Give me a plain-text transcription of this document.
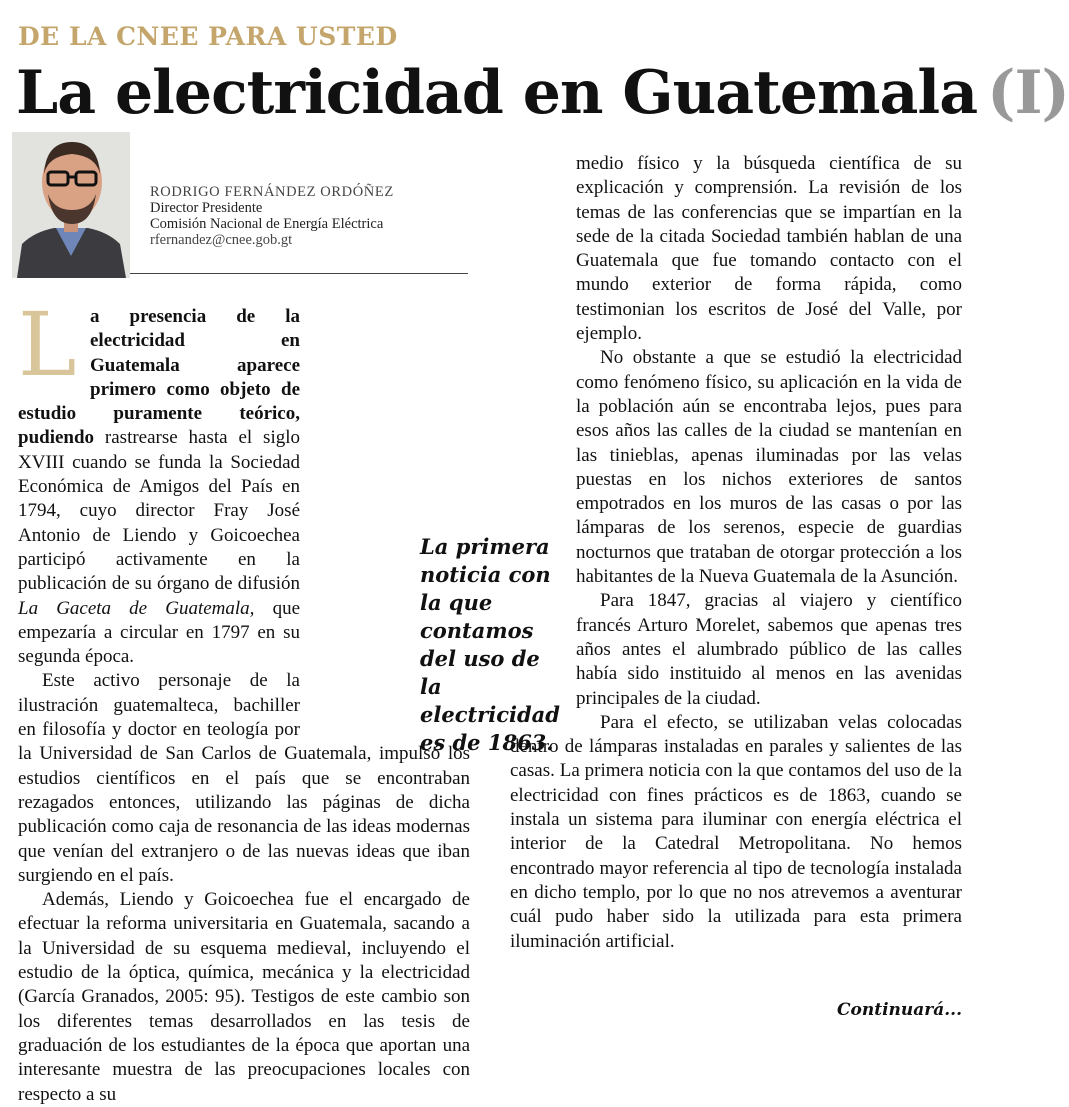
DE LA CNEE PARA USTED
La electricidad en Guatemala (I)
RODRIGO FERNÁNDEZ ORDÓÑEZ
Director Presidente
Comisión Nacional de Energía Eléctrica
rfernandez@cnee.gob.gt

La presencia de la electricidad en Guatemala aparece primero como objeto de estudio puramente teórico, pudiendo rastrearse hasta el siglo XVIII cuando se funda la Sociedad Económica de Amigos del País en 1794, cuyo director Fray José Antonio de Liendo y Goicoechea participó activamente en la publicación de su órgano de difusión La Gaceta de Guatemala, que empezaría a circular en 1797 en su segunda época.

Este activo personaje de la ilustración guatemalteca, bachiller en filosofía y doctor en teología por la Universidad de San Carlos de Guatemala, impulsó los estudios científicos en el país que se encontraban rezagados entonces, utilizando las páginas de dicha publicación como caja de resonancia de las ideas modernas que venían del extranjero o de las nuevas ideas que iban surgiendo en el país.

Además, Liendo y Goicoechea fue el encargado de efectuar la reforma universitaria en Guatemala, sacando a la Universidad de su esquema medieval, incluyendo el estudio de la óptica, química, mecánica y la electricidad (García Granados, 2005: 95). Testigos de este cambio son los diferentes temas desarrollados en las tesis de graduación de los estudiantes de la época que aportan una interesante muestra de las preocupaciones locales con respecto a su

medio físico y la búsqueda científica de su explicación y comprensión. La revisión de los temas de las conferencias que se impartían en la sede de la citada Sociedad también hablan de una Guatemala que fue tomando contacto con el mundo exterior de forma rápida, como testimonian los escritos de José del Valle, por ejemplo.

No obstante a que se estudió la electricidad como fenómeno físico, su aplicación en la vida de la población aún se encontraba lejos, pues para esos años las calles de la ciudad se mantenían en las tinieblas, apenas iluminadas por las velas puestas en los nichos exteriores de santos empotrados en los muros de las casas o por las lámparas de los serenos, especie de guardias nocturnos que trataban de otorgar protección a los habitantes de la Nueva Guatemala de la Asunción.

Para 1847, gracias al viajero y científico francés Arturo Morelet, sabemos que apenas tres años antes el alumbrado público de las calles había sido instituido al menos en las avenidas principales de la ciudad.

Para el efecto, se utilizaban velas colocadas dentro de lámparas instaladas en parales y salientes de las casas. La primera noticia con la que contamos del uso de la electricidad con fines prácticos es de 1863, cuando se instala un sistema para iluminar con energía eléctrica el interior de la Catedral Metropolitana. No hemos encontrado mayor referencia al tipo de tecnología instalada en dicho templo, por lo que no nos atrevemos a aventurar cuál pudo haber sido la utilizada para esta primera iluminación artificial.

La primera noticia con la que contamos del uso de la electricidad es de 1863.
Continuará...
